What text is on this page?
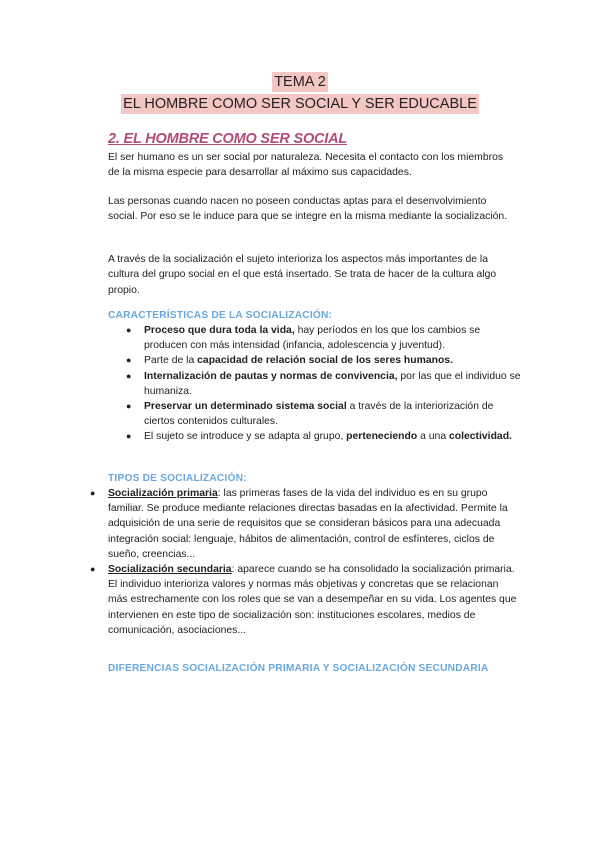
TEMA 2
EL HOMBRE COMO SER SOCIAL Y SER EDUCABLE
2. EL HOMBRE COMO SER SOCIAL
El ser humano es un ser social por naturaleza. Necesita el contacto con los miembros de la misma especie para desarrollar al máximo sus capacidades.
Las personas cuando nacen no poseen conductas aptas para el desenvolvimiento social. Por eso se le induce para que se integre en la misma mediante la socialización.
A través de la socialización el sujeto interioriza los aspectos más importantes de la cultura del grupo social en el que está insertado. Se trata de hacer de la cultura algo propio.
CARACTERÍSTICAS DE LA SOCIALIZACIÓN:
● Proceso que dura toda la vida, hay períodos en los que los cambios se producen con más intensidad (infancia, adolescencia y juventud).
● Parte de la capacidad de relación social de los seres humanos.
● Internalización de pautas y normas de convivencia, por las que el individuo se humaniza.
● Preservar un determinado sistema social a través de la interiorización de ciertos contenidos culturales.
● El sujeto se introduce y se adapta al grupo, perteneciendo a una colectividad.
TIPOS DE SOCIALIZACIÓN:
● Socialización primaria: las primeras fases de la vida del individuo es en su grupo familiar. Se produce mediante relaciones directas basadas en la afectividad. Permite la adquisición de una serie de requisitos que se consideran básicos para una adecuada integración social: lenguaje, hábitos de alimentación, control de esfínteres, ciclos de sueño, creencias...
● Socialización secundaria: aparece cuando se ha consolidado la socialización primaria. El individuo interioriza valores y normas más objetivas y concretas que se relacionan más estrechamente con los roles que se van a desempeñar en su vida. Los agentes que intervienen en este tipo de socialización son: instituciones escolares, medios de comunicación, asociaciones...
DIFERENCIAS SOCIALIZACIÓN PRIMARIA Y SOCIALIZACIÓN SECUNDARIA
